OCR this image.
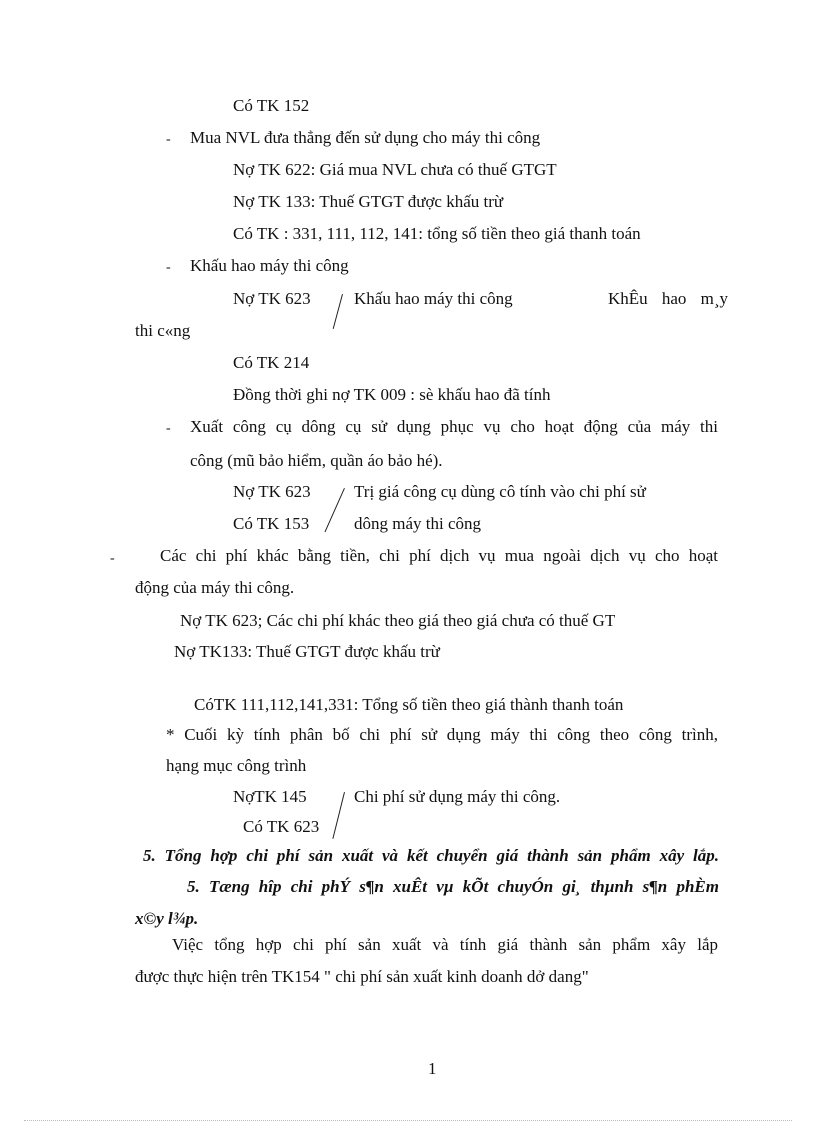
Có TK 152
- Mua NVL đưa thẳng đến sử dụng cho máy thi công
Nợ TK 622: Giá mua NVL chưa có thuế GTGT
Nợ TK 133: Thuế GTGT được khấu trừ
Có TK : 331, 111, 112, 141: tổng số tiền theo giá thanh toán
- Khấu hao máy thi công
Nợ TK 623	Khấu hao máy thi công	KhÊu hao m¸y
thi c«ng
Có TK 214
Đồng thời ghi nợ TK 009 : sè khấu hao đã tính
- Xuất công cụ dông cụ sử dụng phục vụ cho hoạt động của máy thi
công (mũ bảo hiểm, quần áo bảo hé).
Nợ TK 623	Trị giá công cụ dùng cô tính vào chi phí sử
Có TK 153	dông máy thi công
-	Các chi phí khác bằng tiền, chi phí dịch vụ mua ngoài dịch vụ cho hoạt
động của máy thi công.
Nợ TK 623; Các chi phí khác theo giá theo giá chưa có thuế GT
Nợ TK133: Thuế GTGT được khấu trừ
CóTK 111,112,141,331: Tổng số tiền theo giá thành thanh toán
* Cuối kỳ tính phân bố chi phí sử dụng máy thi công theo công trình,
hạng mục công trình
NợTK 145	Chi phí sử dụng máy thi công.
Có TK 623
5. Tổng hợp chi phí sản xuất và kết chuyển giá thành sản phẩm xây lắp.
5. Tæng hîp chi phÝ s¶n xuÊt vµ kÕt chuyÓn gi¸ thµnh s¶n phÈm
x©y l¾p.
Việc tổng hợp chi phí sản xuất và tính giá thành sản phẩm xây lắp
được thực hiện trên TK154 " chi phí sản xuất kinh doanh dở dang"
1
